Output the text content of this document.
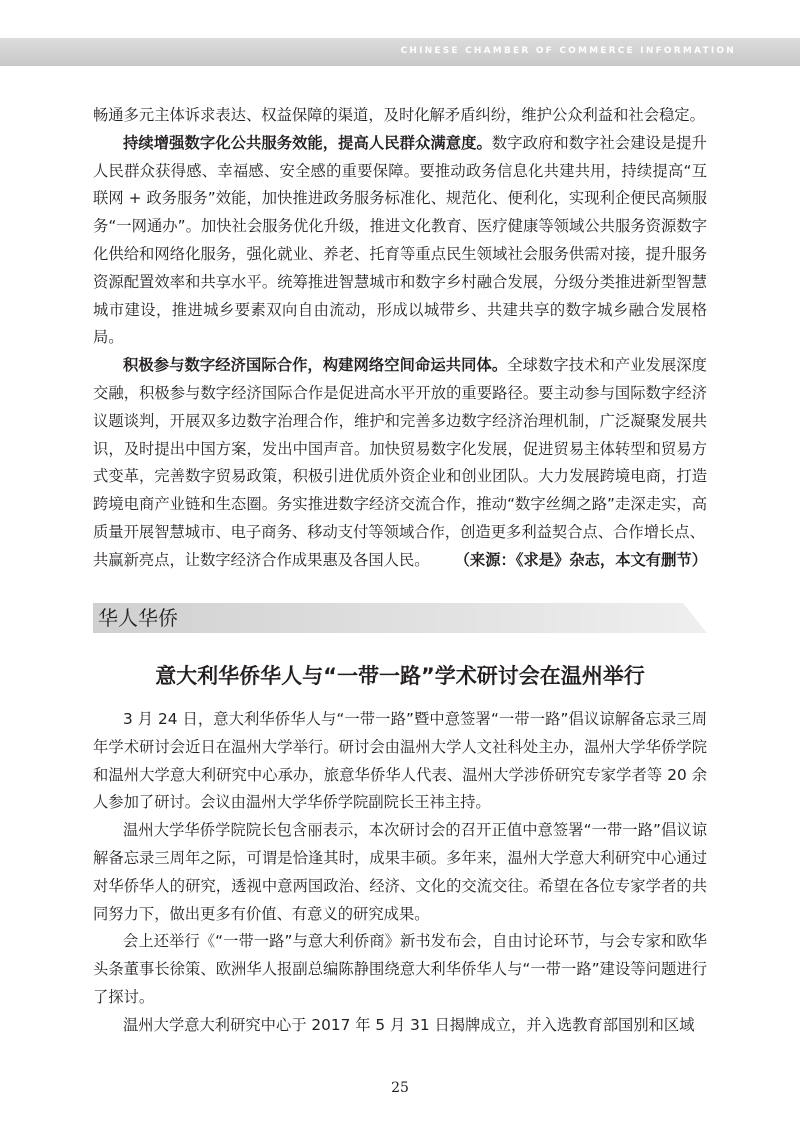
CHINESE CHAMBER OF COMMERCE INFORMATION

畅通多元主体诉求表达、权益保障的渠道，及时化解矛盾纠纷，维护公众利益和社会稳定。

持续增强数字化公共服务效能，提高人民群众满意度。数字政府和数字社会建设是提升人民群众获得感、幸福感、安全感的重要保障。要推动政务信息化共建共用，持续提高“互联网 + 政务服务”效能，加快推进政务服务标准化、规范化、便利化，实现利企便民高频服务“一网通办”。加快社会服务优化升级，推进文化教育、医疗健康等领域公共服务资源数字化供给和网络化服务，强化就业、养老、托育等重点民生领域社会服务供需对接，提升服务资源配置效率和共享水平。统筹推进智慧城市和数字乡村融合发展，分级分类推进新型智慧城市建设，推进城乡要素双向自由流动，形成以城带乡、共建共享的数字城乡融合发展格局。

积极参与数字经济国际合作，构建网络空间命运共同体。全球数字技术和产业发展深度交融，积极参与数字经济国际合作是促进高水平开放的重要路径。要主动参与国际数字经济议题谈判，开展双多边数字治理合作，维护和完善多边数字经济治理机制，广泛凝聚发展共识，及时提出中国方案，发出中国声音。加快贸易数字化发展，促进贸易主体转型和贸易方式变革，完善数字贸易政策，积极引进优质外资企业和创业团队。大力发展跨境电商，打造跨境电商产业链和生态圈。务实推进数字经济交流合作，推动“数字丝绸之路”走深走实，高质量开展智慧城市、电子商务、移动支付等领域合作，创造更多利益契合点、合作增长点、

共赢新亮点，让数字经济合作成果惠及各国人民。 （来源：《求是》杂志，本文有删节）
华人华侨
意大利华侨华人与“一带一路”学术研讨会在温州举行

3 月 24 日，意大利华侨华人与“一带一路”暨中意签署“一带一路”倡议谅解备忘录三周年学术研讨会近日在温州大学举行。研讨会由温州大学人文社科处主办，温州大学华侨学院和温州大学意大利研究中心承办，旅意华侨华人代表、温州大学涉侨研究专家学者等 20 余人参加了研讨。会议由温州大学华侨学院副院长王祎主持。

温州大学华侨学院院长包含丽表示，本次研讨会的召开正值中意签署“一带一路”倡议谅解备忘录三周年之际，可谓是恰逢其时，成果丰硕。多年来，温州大学意大利研究中心通过对华侨华人的研究，透视中意两国政治、经济、文化的交流交往。希望在各位专家学者的共同努力下，做出更多有价值、有意义的研究成果。

会上还举行《“一带一路”与意大利侨商》新书发布会，自由讨论环节，与会专家和欧华头条董事长徐策、欧洲华人报副总编陈静围绕意大利华侨华人与“一带一路”建设等问题进行了探讨。

温州大学意大利研究中心于 2017 年 5 月 31 日揭牌成立，并入选教育部国别和区域

25
